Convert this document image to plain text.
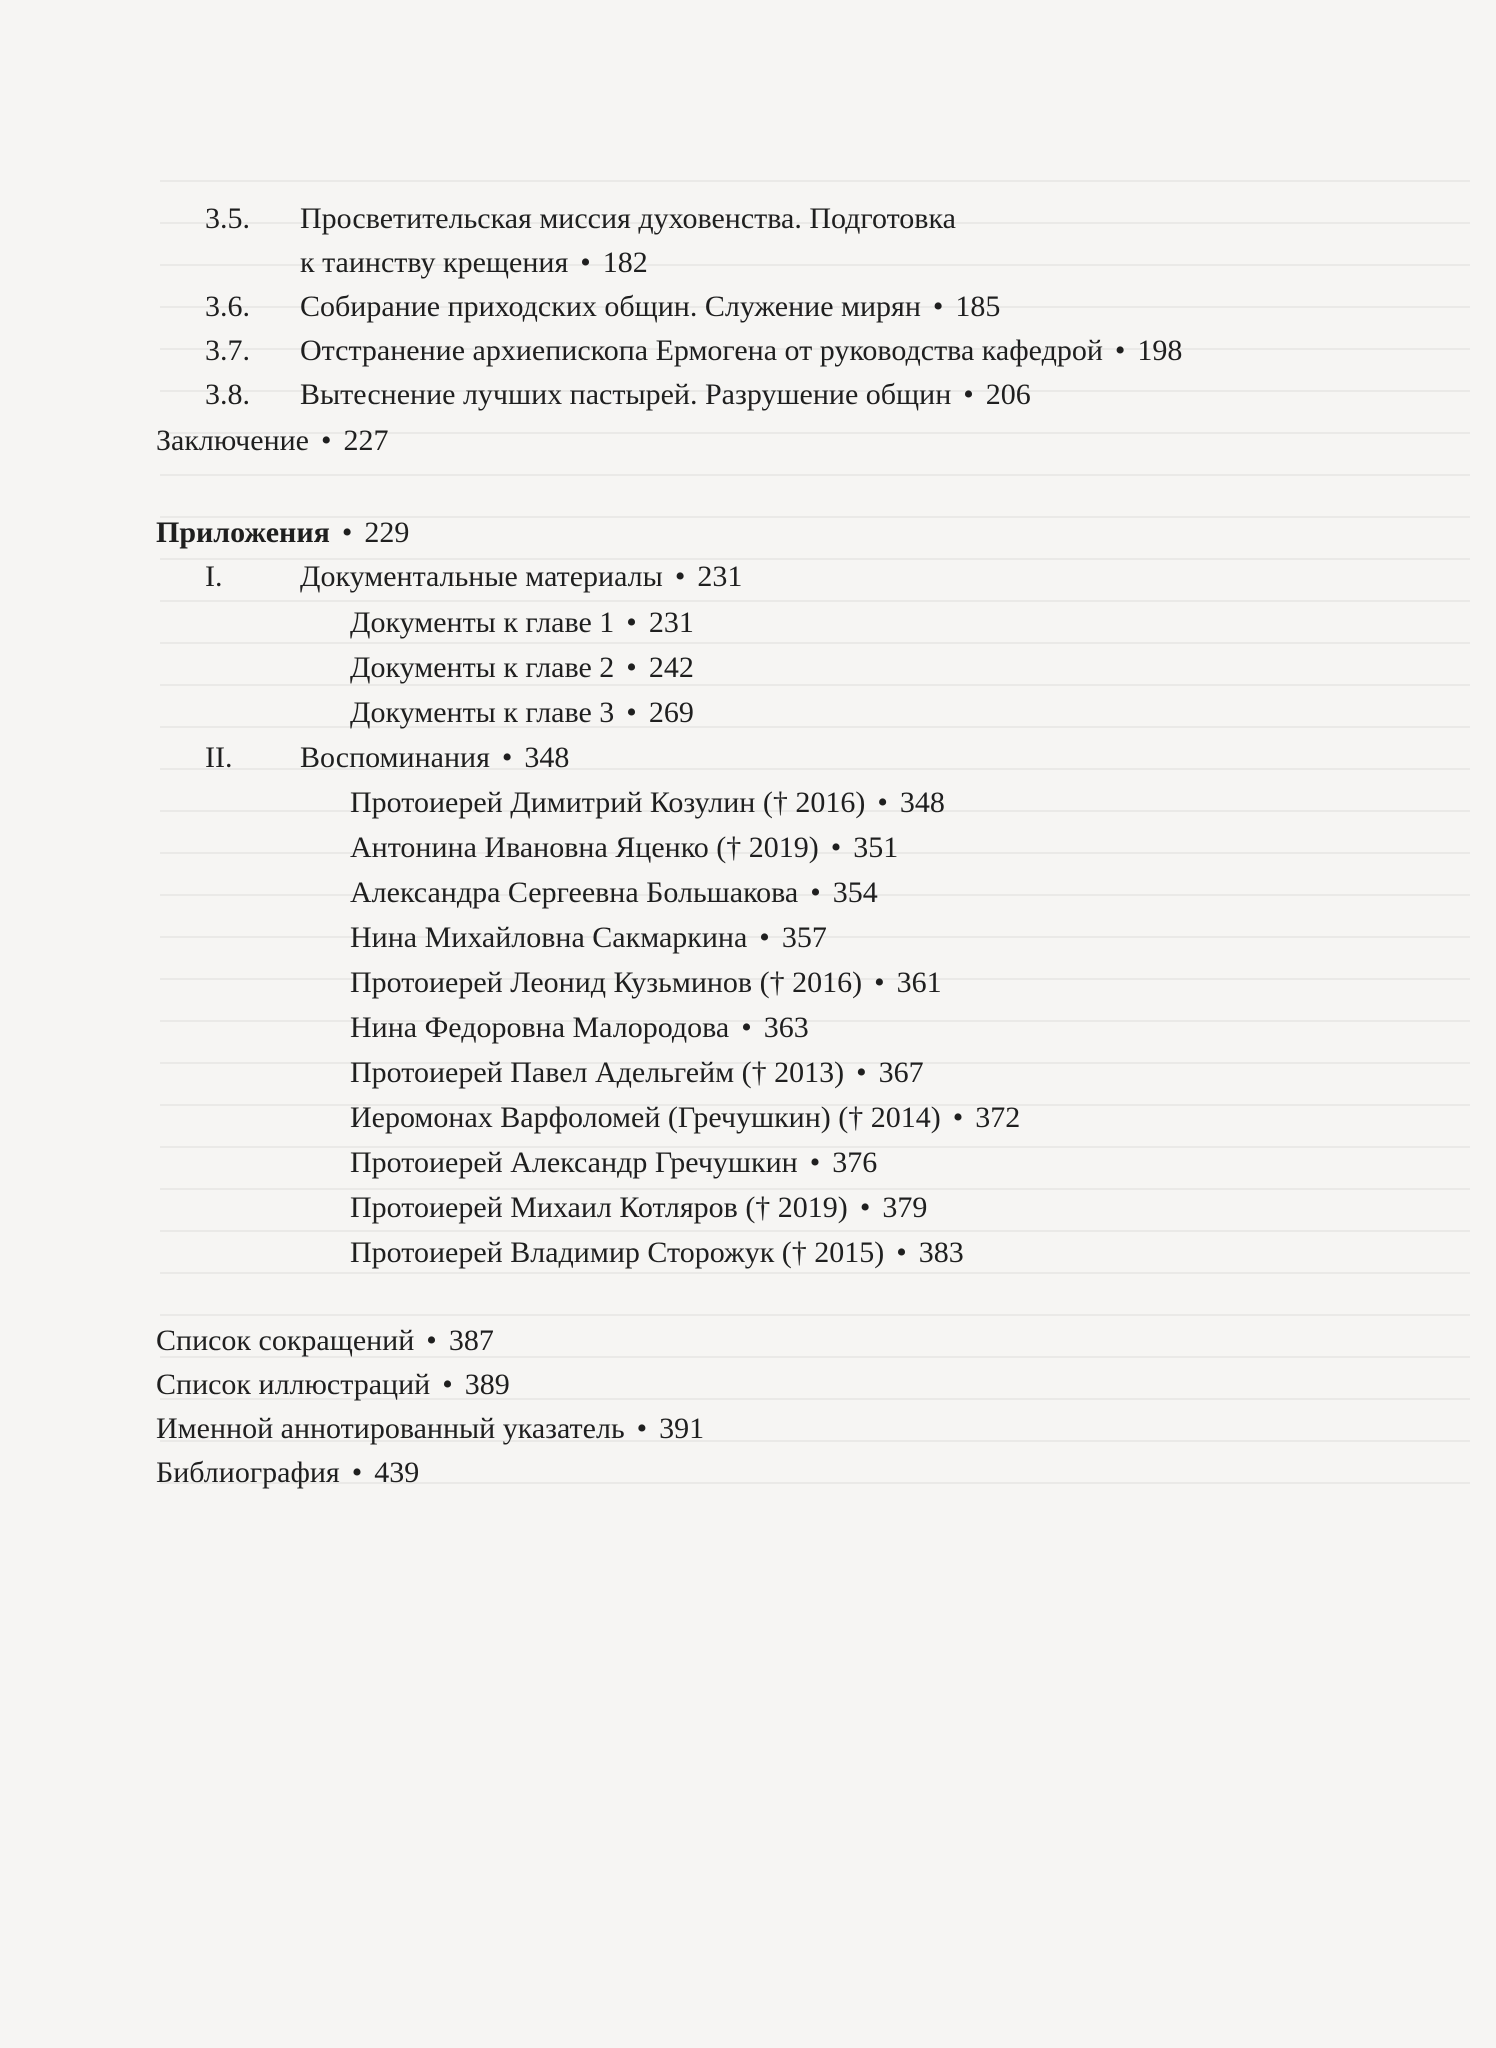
3.5. Просветительская миссия духовенства. Подготовка
к таинству крещения • 182
3.6. Собирание приходских общин. Служение мирян • 185
3.7. Отстранение архиепископа Ермогена от руководства кафедрой • 198
3.8. Вытеснение лучших пастырей. Разрушение общин • 206
Заключение • 227
Приложения • 229
I.	Документальные материалы • 231
Документы к главе 1 • 231
Документы к главе 2 • 242
Документы к главе 3 • 269
II. Воспоминания • 348
Протоиерей Димитрий Козулин († 2016) • 348
Антонина Ивановна Яценко († 2019) • 351
Александра Сергеевна Большакова • 354
Нина Михайловна Сакмаркина • 357
Протоиерей Леонид Кузьминов († 2016) • 361
Нина Федоровна Малородова • 363
Протоиерей Павел Адельгейм († 2013) • 367
Иеромонах Варфоломей (Гречушкин) († 2014) • 372
Протоиерей Александр Гречушкин • 376
Протоиерей Михаил Котляров († 2019) • 379
Протоиерей Владимир Сторожук († 2015) • 383
Список сокращений • 387
Список иллюстраций • 389
Именной аннотированный указатель • 391
Библиография • 439
